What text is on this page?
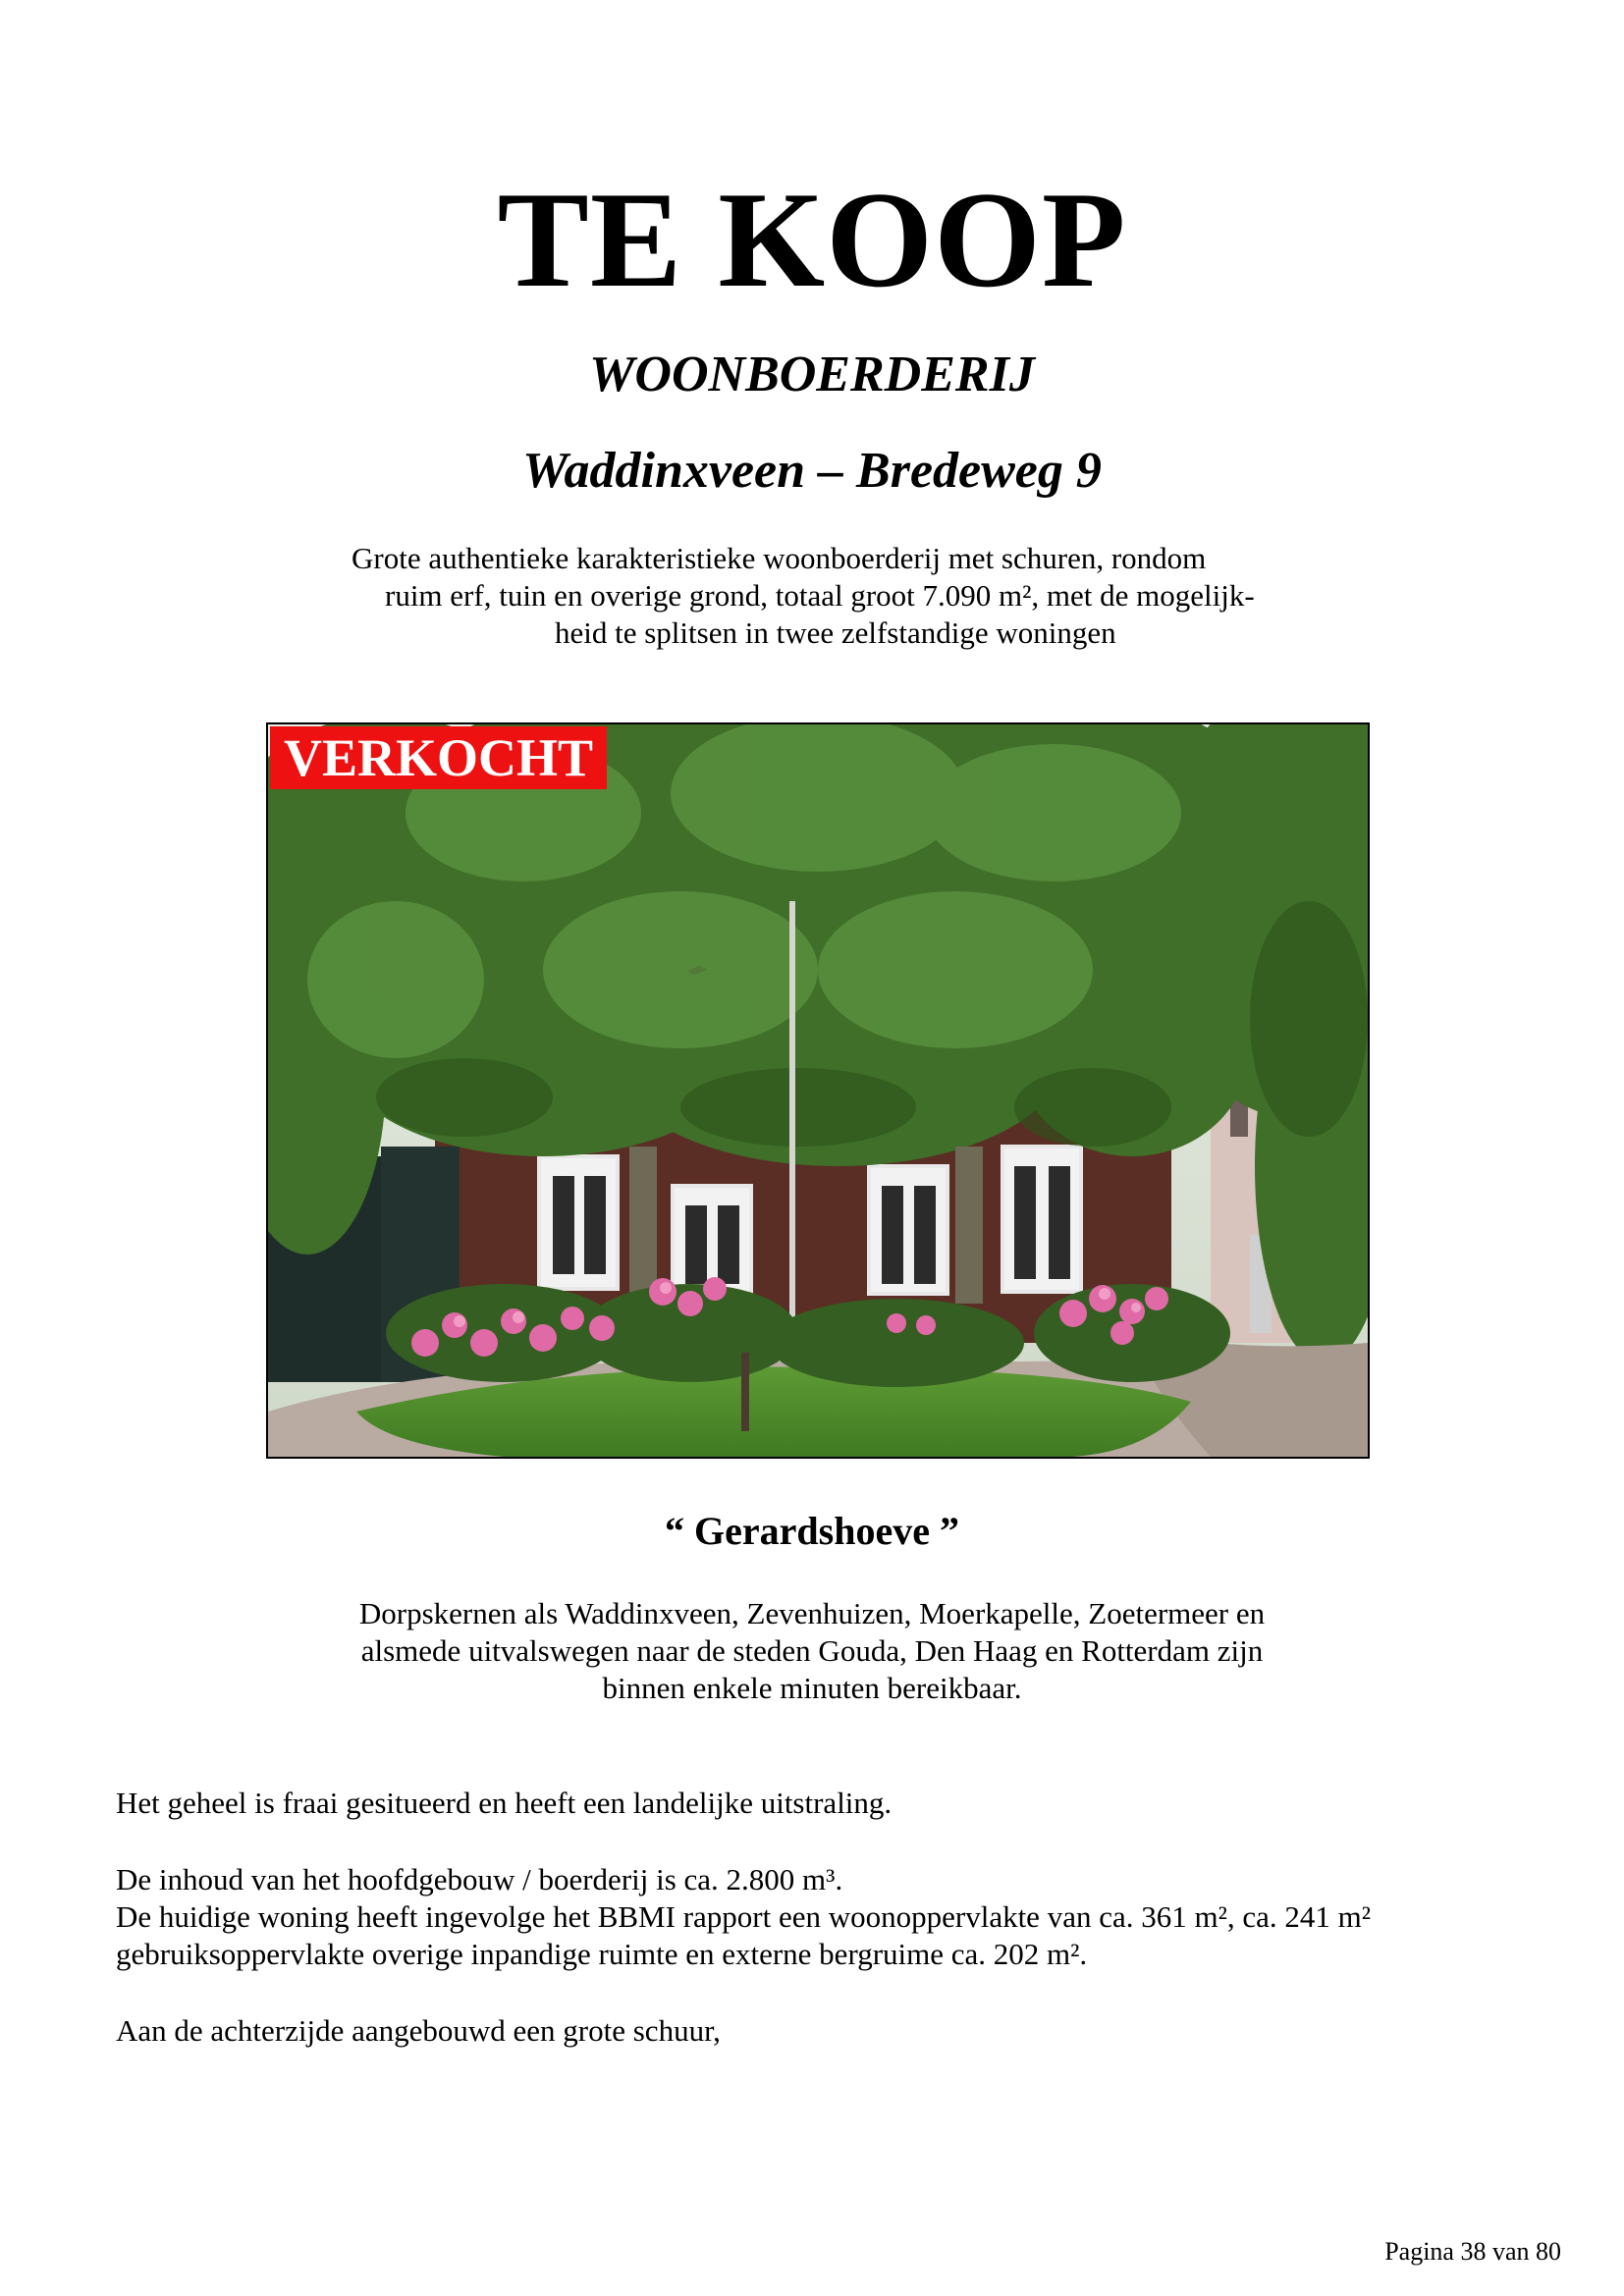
TE KOOP
WOONBOERDERIJ
Waddinxveen – Bredeweg 9
Grote authentieke karakteristieke woonboerderij met schuren, rondom
ruim erf, tuin en overige grond, totaal groot 7.090 m², met de mogelijk-
heid te splitsen in twee zelfstandige woningen
VERKOCHT
“ Gerardshoeve ”
Dorpskernen als Waddinxveen, Zevenhuizen, Moerkapelle, Zoetermeer en
alsmede uitvalswegen naar de steden Gouda, Den Haag en Rotterdam zijn
binnen enkele minuten bereikbaar.

Het geheel is fraai gesitueerd en heeft een landelijke uitstraling.

De inhoud van het hoofdgebouw / boerderij is ca. 2.800 m³.
De huidige woning heeft ingevolge het BBMI rapport een woonoppervlakte van ca. 361 m², ca. 241 m²
gebruiksoppervlakte overige inpandige ruimte en externe bergruime ca. 202 m².

Aan de achterzijde aangebouwd een grote schuur,

Pagina 38 van 80
